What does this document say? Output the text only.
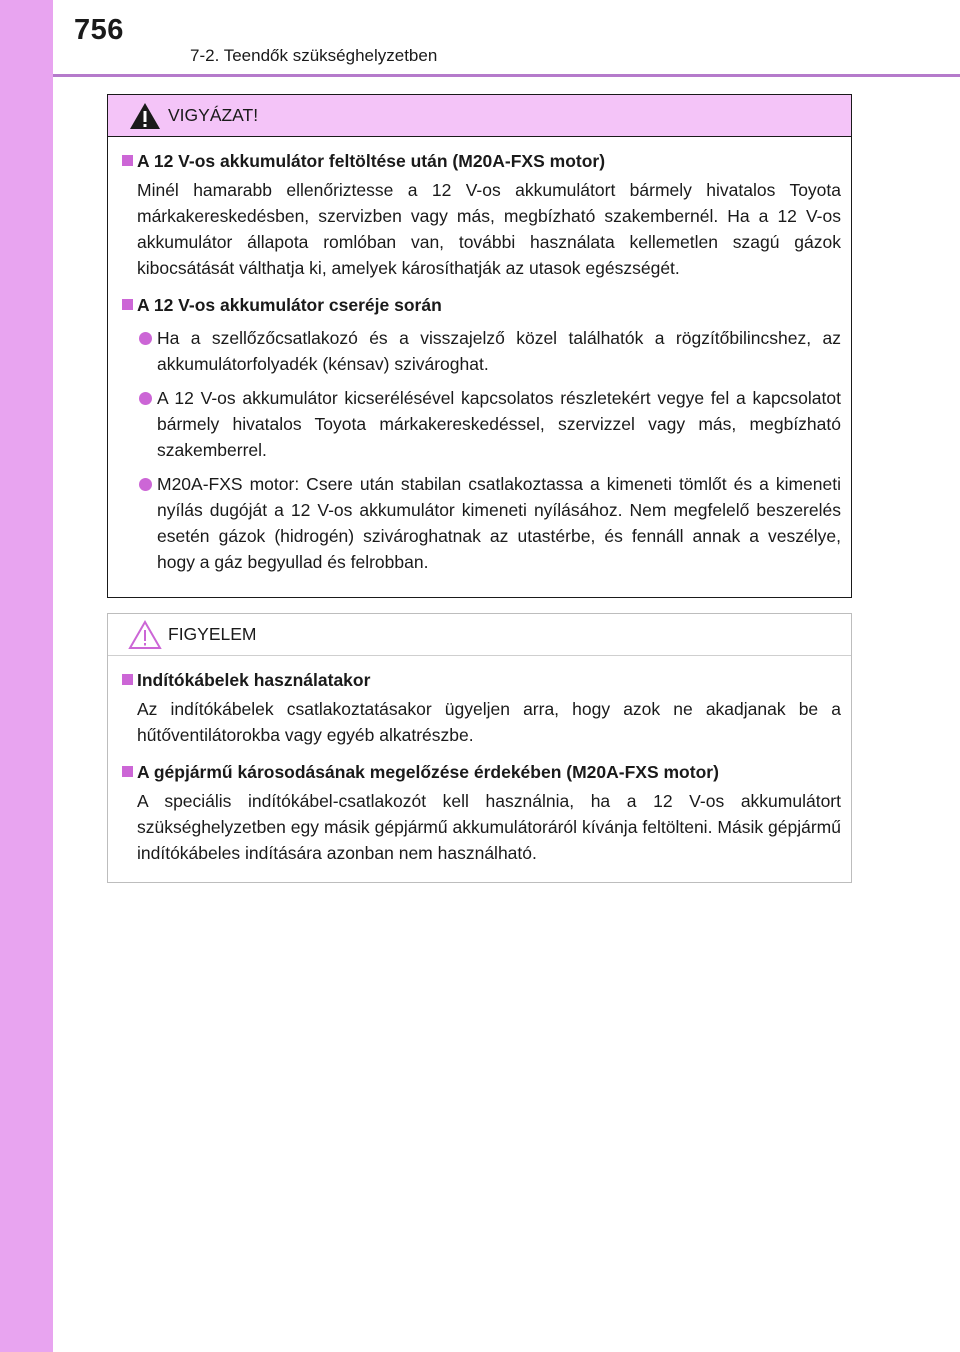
756
7-2. Teendők szükséghelyzetben
VIGYÁZAT!
A 12 V-os akkumulátor feltöltése után (M20A-FXS motor)
Minél hamarabb ellenőriztesse a 12 V-os akkumulátort bármely hivatalos Toyota márkakereskedésben, szervizben vagy más, megbízható szakembernél. Ha a 12 V-os akkumulátor állapota romlóban van, további használata kellemetlen szagú gázok kibocsátását válthatja ki, amelyek károsíthatják az utasok egészségét.
A 12 V-os akkumulátor cseréje során
Ha a szellőzőcsatlakozó és a visszajelző közel találhatók a rögzítőbilincshez, az akkumulátorfolyadék (kénsav) szivároghat.
A 12 V-os akkumulátor kicserélésével kapcsolatos részletekért vegye fel a kapcsolatot bármely hivatalos Toyota márkakereskedéssel, szervizzel vagy más, megbízható szakemberrel.
M20A-FXS motor: Csere után stabilan csatlakoztassa a kimeneti tömlőt és a kimeneti nyílás dugóját a 12 V-os akkumulátor kimeneti nyílásához. Nem megfelelő beszerelés esetén gázok (hidrogén) szivároghatnak az utastérbe, és fennáll annak a veszélye, hogy a gáz begyullad és felrobban.
FIGYELEM
Indítókábelek használatakor
Az indítókábelek csatlakoztatásakor ügyeljen arra, hogy azok ne akadjanak be a hűtőventilátorokba vagy egyéb alkatrészbe.
A gépjármű károsodásának megelőzése érdekében (M20A-FXS motor)
A speciális indítókábel-csatlakozót kell használnia, ha a 12 V-os akkumulátort szükséghelyzetben egy másik gépjármű akkumulátoráról kívánja feltölteni. Másik gépjármű indítókábeles indítására azonban nem használható.
